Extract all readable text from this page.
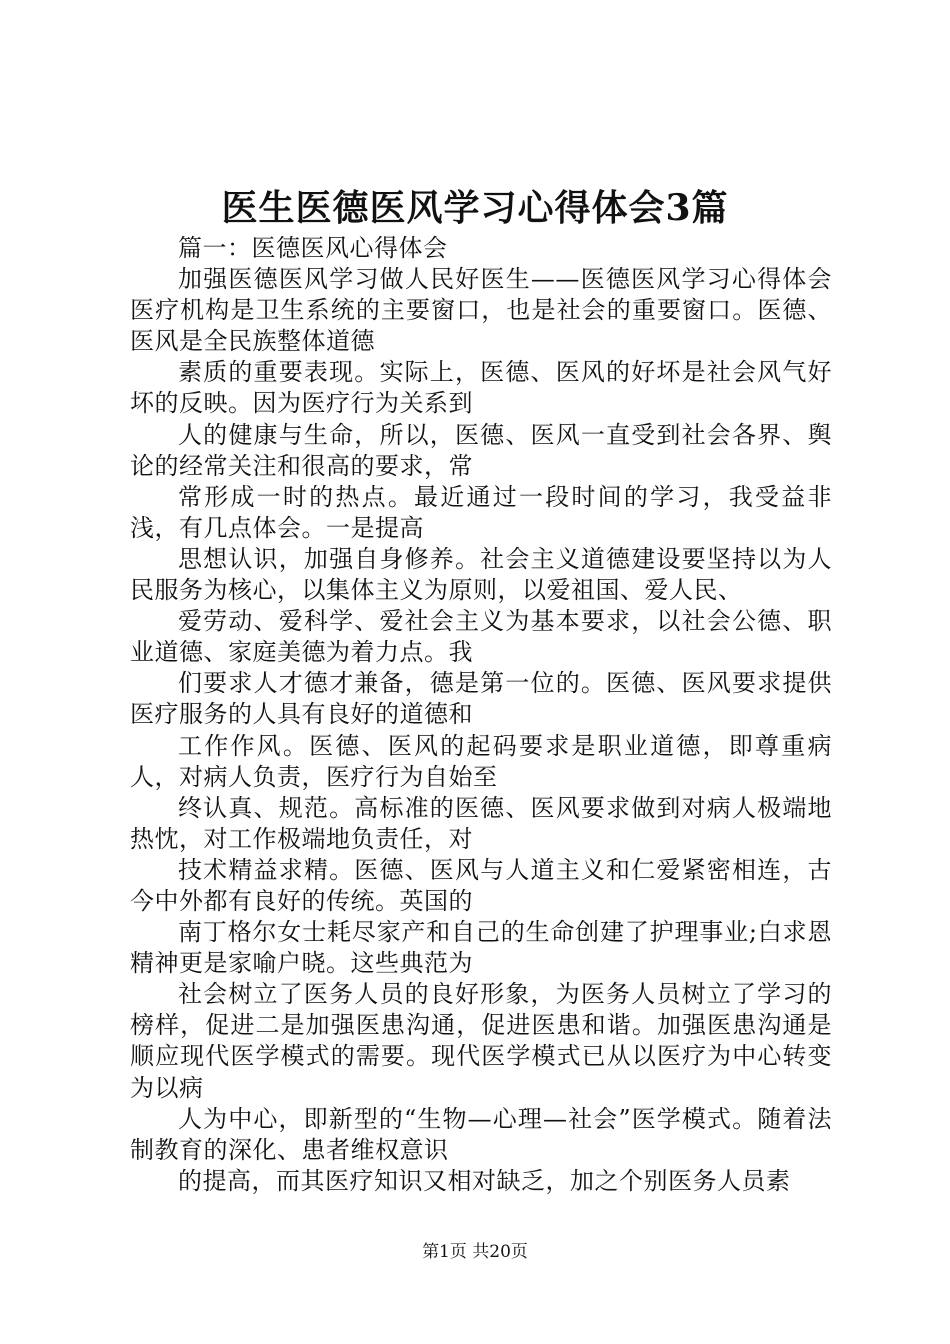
医生医德医风学习心得体会3篇

篇一：医德医风心得体会

加强医德医风学习做人民好医生——医德医风学习心得体会医疗机构是卫生系统的主要窗口，也是社会的重要窗口。医德、医风是全民族整体道德

素质的重要表现。实际上，医德、医风的好坏是社会风气好坏的反映。因为医疗行为关系到

人的健康与生命，所以，医德、医风一直受到社会各界、舆论的经常关注和很高的要求，常

常形成一时的热点。最近通过一段时间的学习，我受益非浅，有几点体会。一是提高

思想认识，加强自身修养。社会主义道德建设要坚持以为人民服务为核心，以集体主义为原则，以爱祖国、爱人民、

爱劳动、爱科学、爱社会主义为基本要求，以社会公德、职业道德、家庭美德为着力点。我

们要求人才德才兼备，德是第一位的。医德、医风要求提供医疗服务的人具有良好的道德和

工作作风。医德、医风的起码要求是职业道德，即尊重病人，对病人负责，医疗行为自始至

终认真、规范。高标准的医德、医风要求做到对病人极端地热忱，对工作极端地负责任，对

技术精益求精。医德、医风与人道主义和仁爱紧密相连，古今中外都有良好的传统。英国的

南丁格尔女士耗尽家产和自己的生命创建了护理事业;白求恩精神更是家喻户晓。这些典范为

社会树立了医务人员的良好形象，为医务人员树立了学习的榜样，促进二是加强医患沟通，促进医患和谐。加强医患沟通是顺应现代医学模式的需要。现代医学模式已从以医疗为中心转变为以病

人为中心，即新型的“生物—心理—社会”医学模式。随着法制教育的深化、患者维权意识

的提高，而其医疗知识又相对缺乏，加之个别医务人员素

第1页 共20页
